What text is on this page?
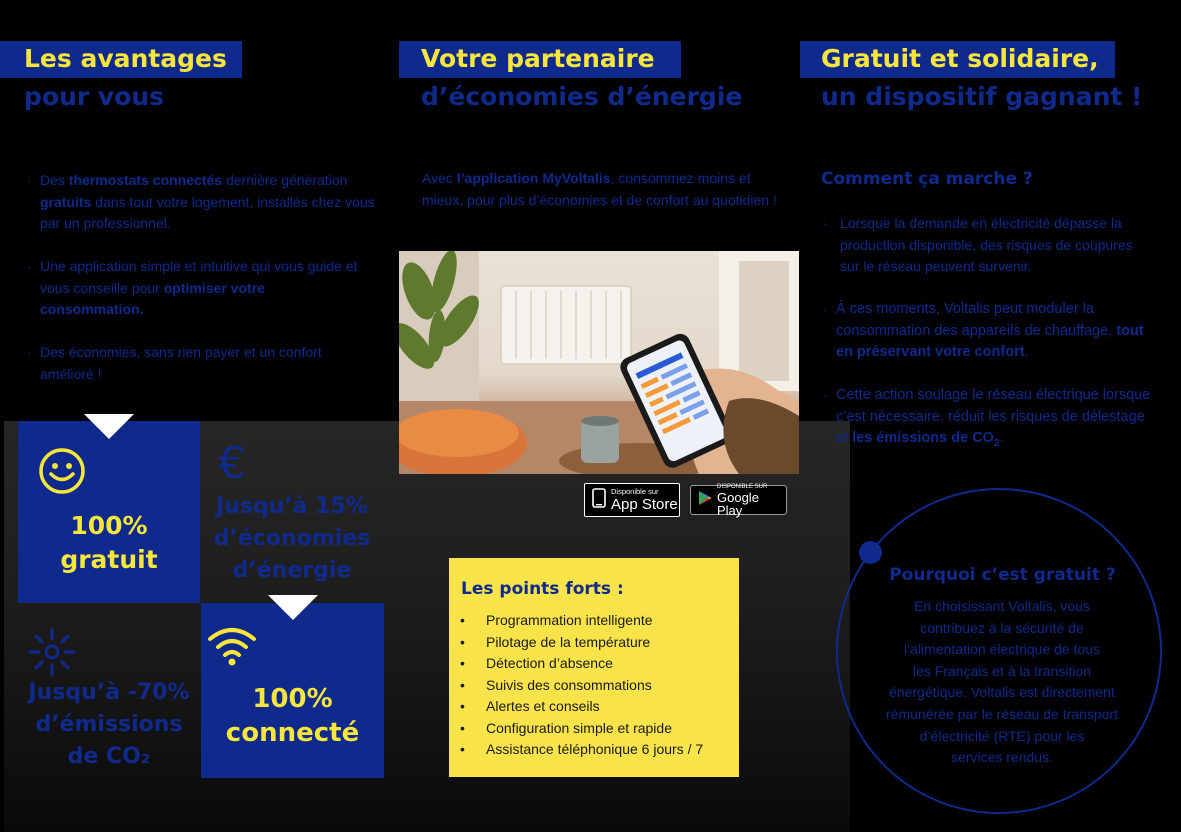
Les avantages
pour vous
· Des thermostats connectés dernière génération gratuits dans tout votre logement, installés chez vous par un professionnel.
· Une application simple et intuitive qui vous guide et vous conseille pour optimiser votre consommation.
· Des économies, sans rien payer et un confort amélioré !
Votre partenaire
d’économies d’énergie
Avec l’application MyVoltalis, consommez moins et mieux, pour plus d’économies et de confort au quotidien !
Disponible sur
App Store
DISPONIBLE SUR
Google Play
Les points forts :
• Programmation intelligente
• Pilotage de la température
• Détection d’absence
• Suivis des consommations
• Alertes et conseils
• Configuration simple et rapide
• Assistance téléphonique 6 jours / 7
100%
gratuit
€
Jusqu’à 15%
d’économies
d’énergie
Jusqu’à -70%
d’émissions
de CO₂
100%
connecté
Gratuit et solidaire,
un dispositif gagnant !
Comment ça marche ?
· Lorsque la demande en électricité dépasse la production disponible, des risques de coupures sur le réseau peuvent survenir.
· À ces moments, Voltalis peut moduler la consommation des appareils de chauffage, tout en préservant votre confort.
· Cette action soulage le réseau électrique lorsque c’est nécessaire, réduit les risques de délestage et les émissions de $CO_2$.
Pourquoi c’est gratuit ?
En choisissant Voltalis, vous
contribuez à la sécurité de
l’alimentation électrique de tous
les Français et à la transition
énergétique. Voltalis est directement
rémunérée par le réseau de transport
d’électricité (RTE) pour les
services rendus.
